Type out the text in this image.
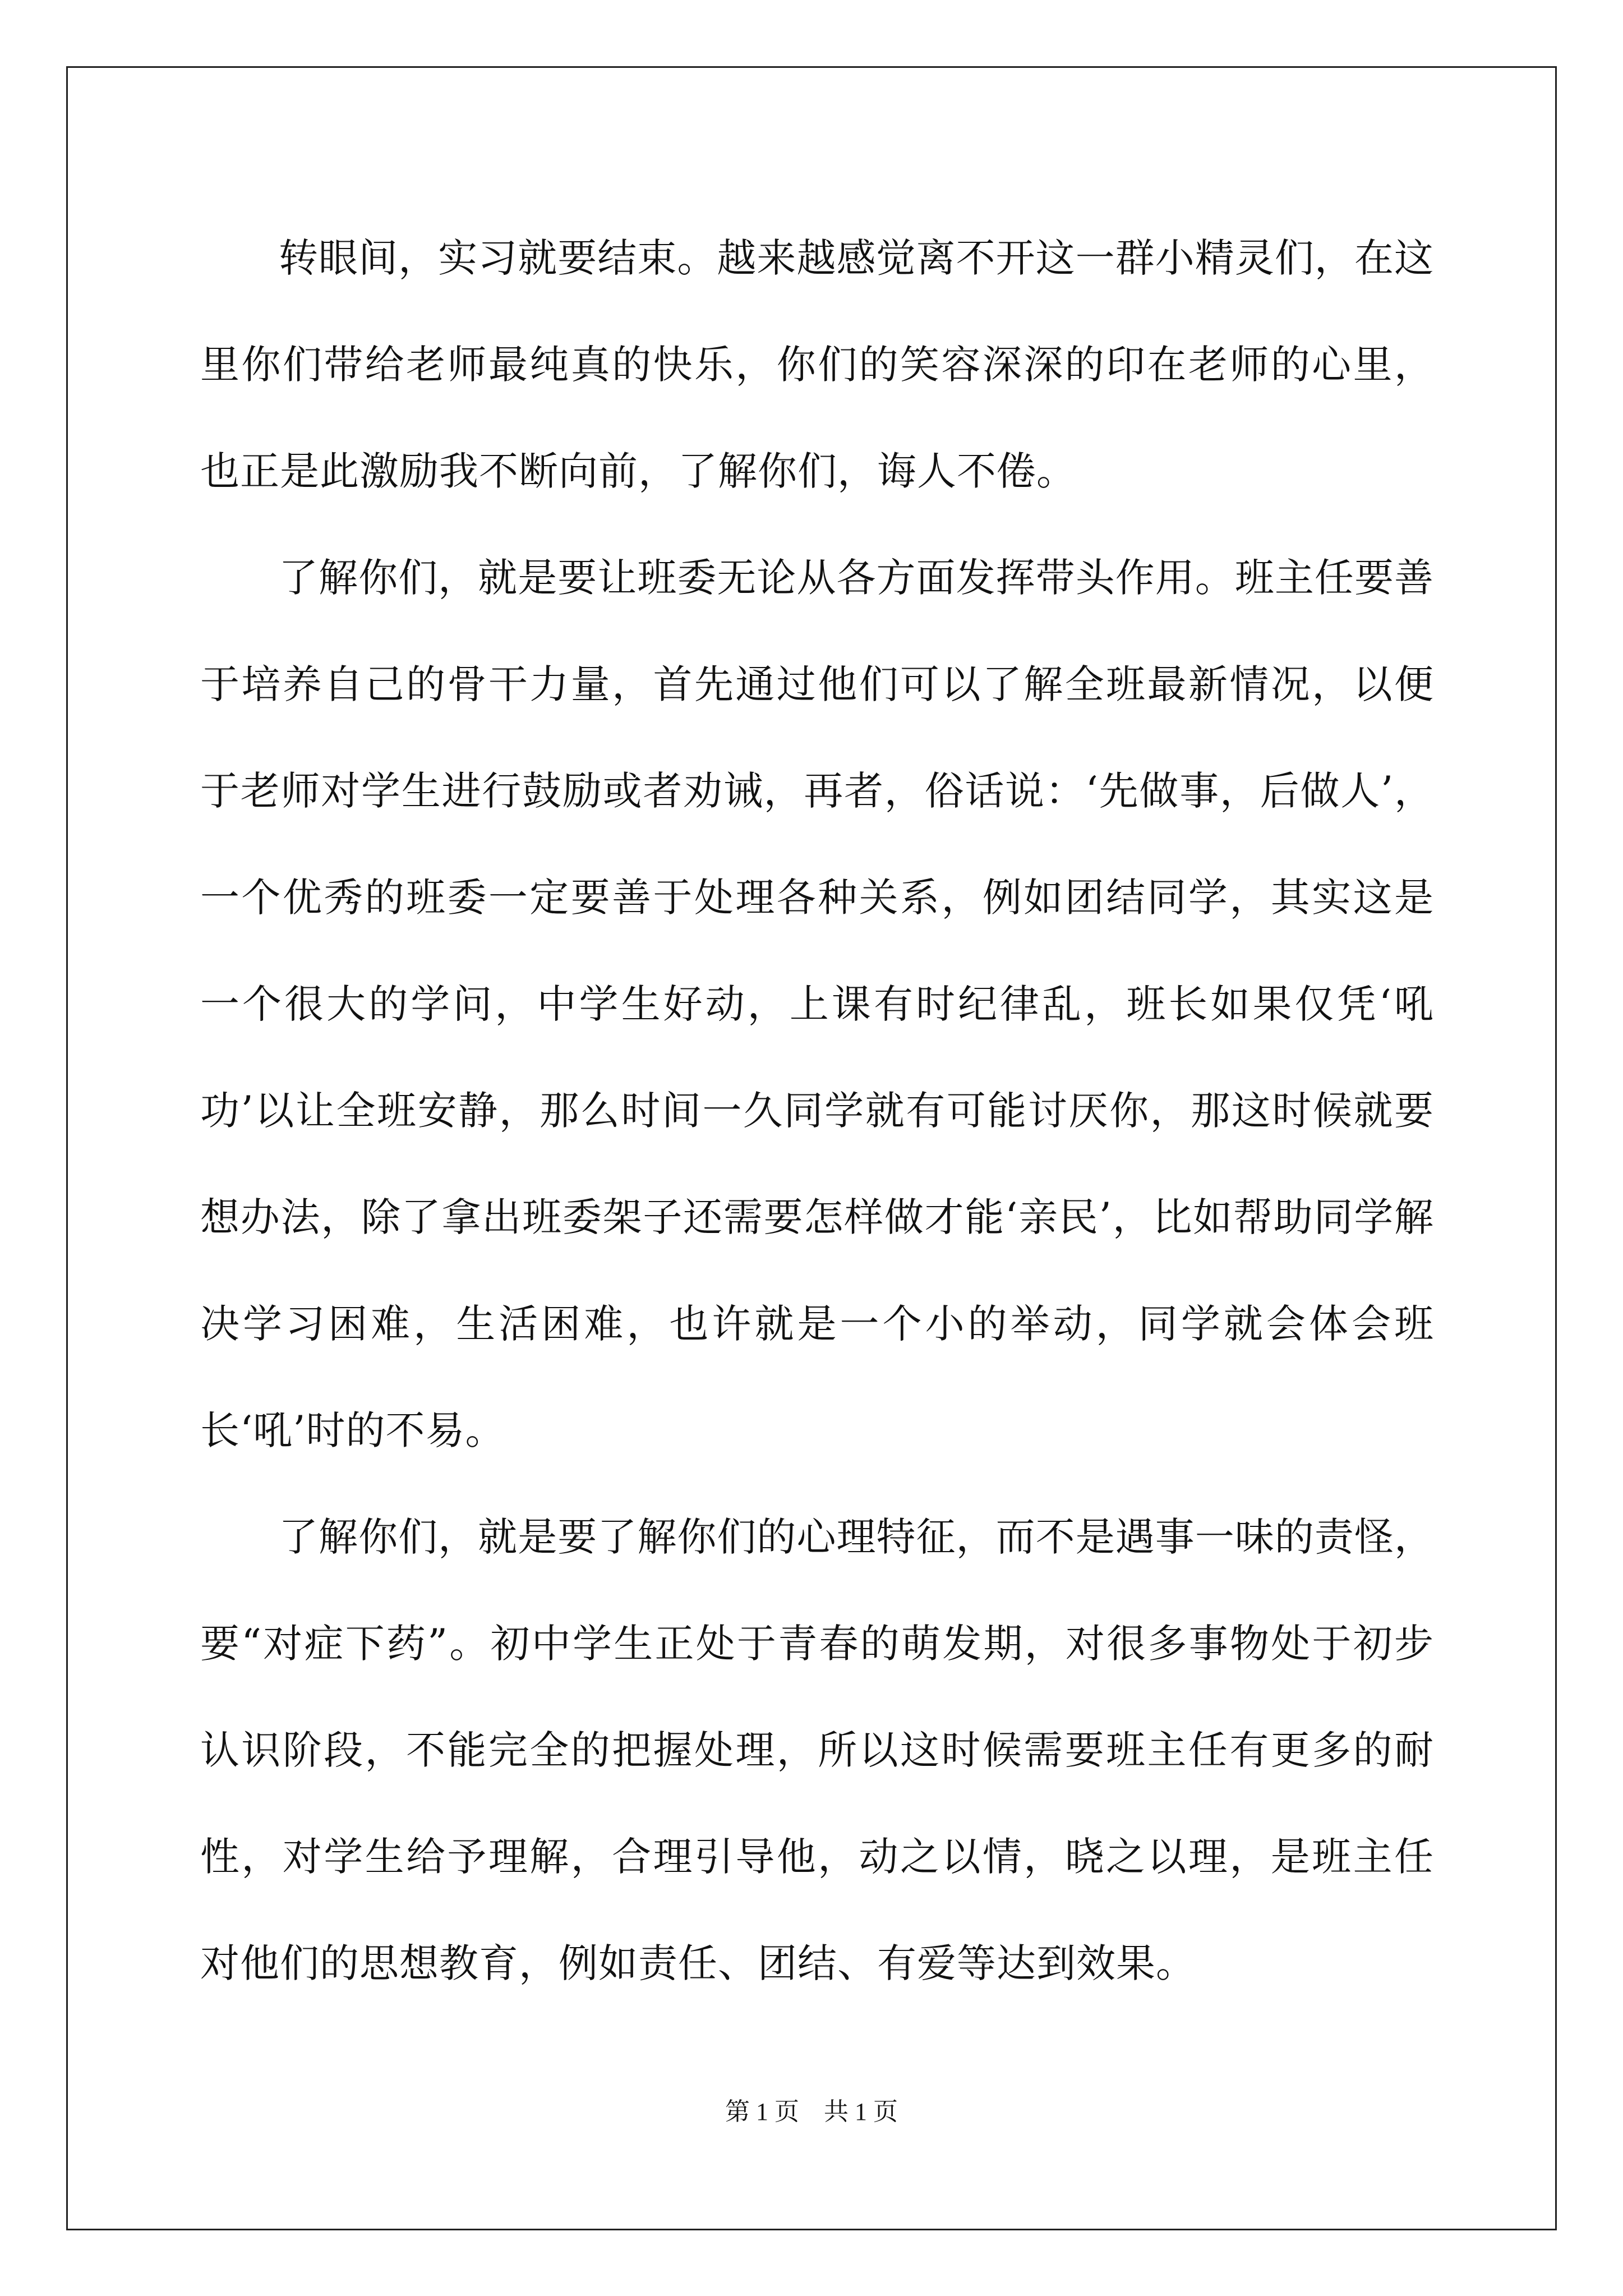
转眼间，实习就要结束。越来越感觉离不开这一群小精灵们，在这里你们带给老师最纯真的快乐，你们的笑容深深的印在老师的心里，也正是此激励我不断向前，了解你们，诲人不倦。

了解你们，就是要让班委无论从各方面发挥带头作用。班主任要善于培养自己的骨干力量，首先通过他们可以了解全班最新情况，以便于老师对学生进行鼓励或者劝诫，再者，俗话说：‘先做事，后做人’，一个优秀的班委一定要善于处理各种关系，例如团结同学，其实这是一个很大的学问，中学生好动，上课有时纪律乱，班长如果仅凭‘吼功’以让全班安静，那么时间一久同学就有可能讨厌你，那这时候就要想办法，除了拿出班委架子还需要怎样做才能‘亲民’，比如帮助同学解决学习困难，生活困难，也许就是一个小的举动，同学就会体会班长‘吼’时的不易。

了解你们，就是要了解你们的心理特征，而不是遇事一味的责怪，要“对症下药”。初中学生正处于青春的萌发期，对很多事物处于初步认识阶段，不能完全的把握处理，所以这时候需要班主任有更多的耐性，对学生给予理解，合理引导他，动之以情，晓之以理，是班主任对他们的思想教育，例如责任、团结、有爱等达到效果。

第 1 页 共 1 页
